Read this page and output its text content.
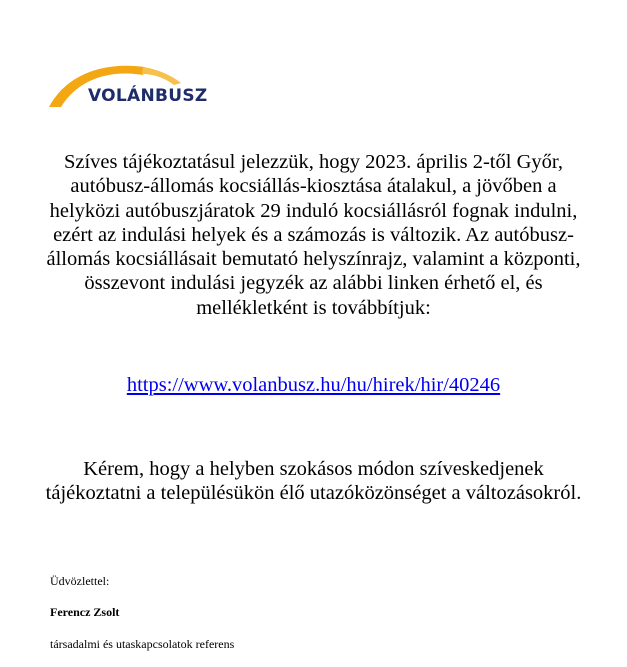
VOLÁNBUSZ

Szíves tájékoztatásul jelezzük, hogy 2023. április 2-től Győr, autóbusz-állomás kocsiállás-kiosztása átalakul, a jövőben a helyközi autóbuszjáratok 29 induló kocsiállásról fognak indulni, ezért az indulási helyek és a számozás is változik. Az autóbusz-állomás kocsiállásait bemutató helyszínrajz, valamint a központi, összevont indulási jegyzék az alábbi linken érhető el, és mellékletként is továbbítjuk:

https://www.volanbusz.hu/hu/hirek/hir/40246

Kérem, hogy a helyben szokásos módon szíveskedjenek tájékoztatni a településükön élő utazóközönséget a változásokról.

Üdvözlettel:
Ferencz Zsolt
társadalmi és utaskapcsolatok referens
